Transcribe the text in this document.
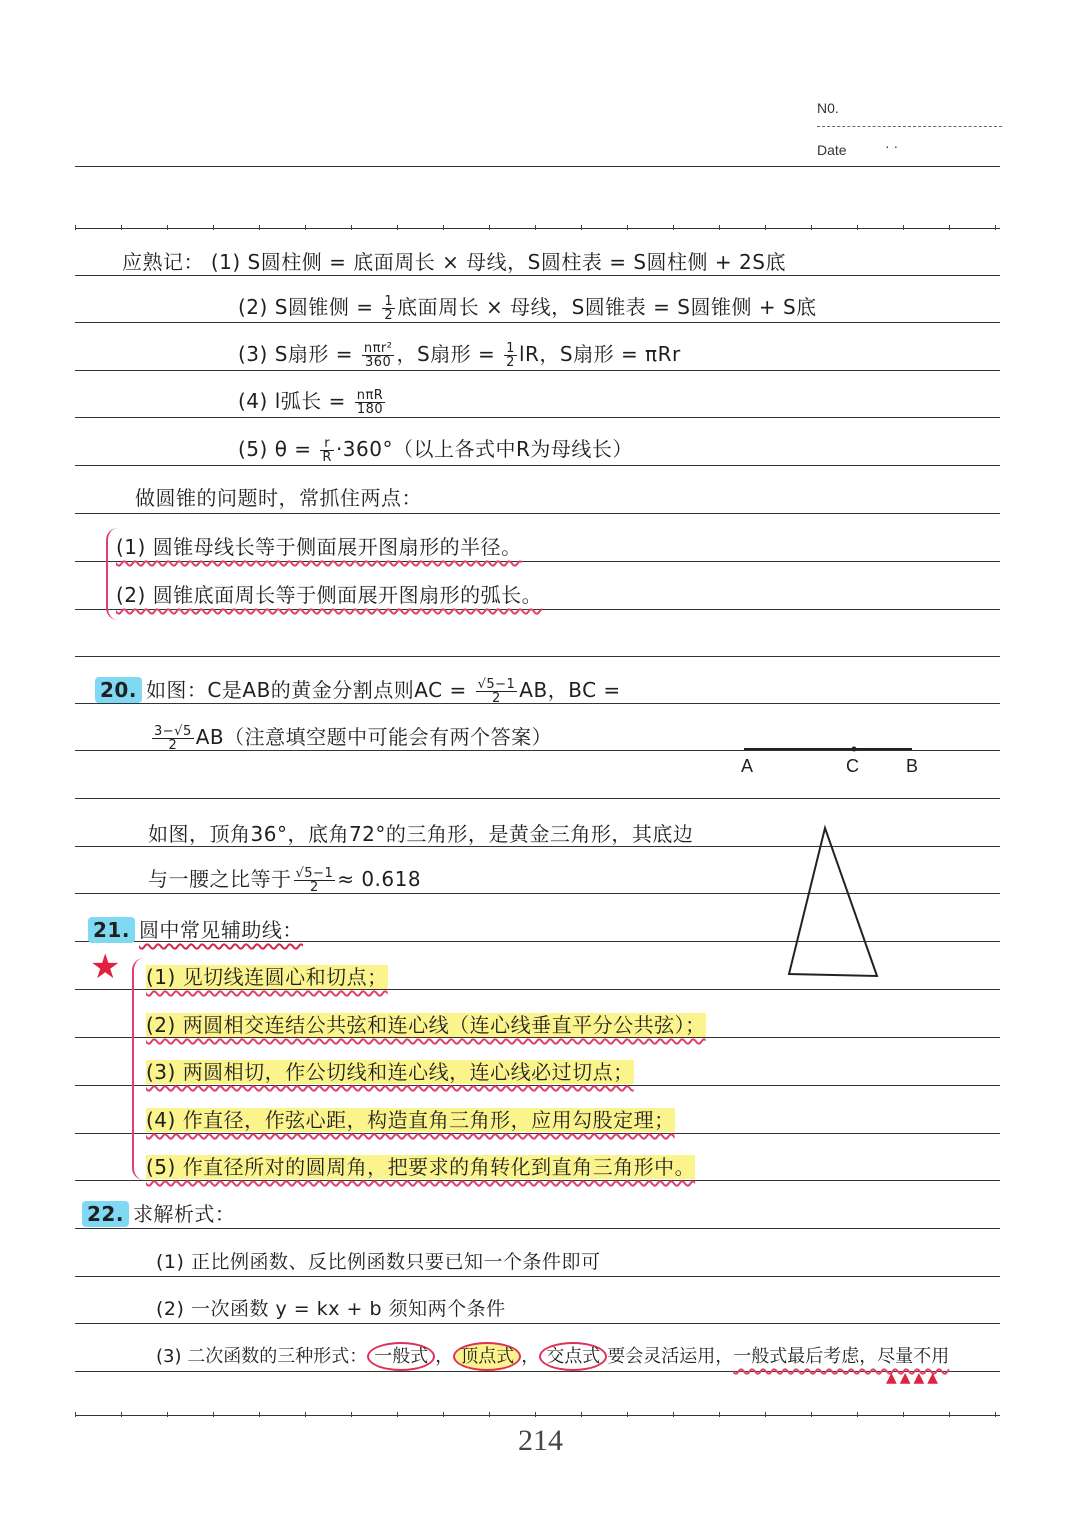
N0.
Date	· ·
应熟记： (1) S圆柱侧 = 底面周长 × 母线，S圆柱表 = S圆柱侧 + 2S底
(2) S圆锥侧 = $\frac{1}{2}$ 底面周长 × 母线，S圆锥表 = S圆锥侧 + S底
(3) S扇形 = $\frac{\text{nπr²}}{360}$ ，S扇形 = $\frac{1}{2}$ lR，S扇形 = πRr
(4) l弧长 = $\frac{\text{nπR}}{180}$
(5) $\theta = \frac{r}{R} \cdot 360^\circ$（以上各式中R为母线长）
做圆锥的问题时，常抓住两点：
(1) 圆锥母线长等于侧面展开图扇形的半径。
(2) 圆锥底面周长等于侧面展开图扇形的弧长。
20. 如图：C是AB的黄金分割点则AC = $\frac{√5-1}{2}$ AB，BC =
$\frac{3-√5}{2} AB$（注意填空题中可能会有两个答案）
A	C	B
如图，顶角36°，底角72°的三角形，是黄金三角形，其底边
与一腰之比等于 $\frac{√5-1}{2} \approx 0.618$
21. 圆中常见辅助线：
★ (1) 见切线连圆心和切点；
(2) 两圆相交连结公共弦和连心线（连心线垂直平分公共弦）；
(3) 两圆相切，作公切线和连心线，连心线必过切点；
(4) 作直径，作弦心距，构造直角三角形，应用勾股定理；
(5) 作直径所对的圆周角，把要求的角转化到直角三角形中。
22. 求解析式：
(1) 正比例函数、反比例函数只要已知一个条件即可
(2) 一次函数 y = kx + b 须知两个条件
(3) 二次函数的三种形式： 一般式 ， 顶点式 ， 交点式 要会灵活运用，一般式最后考虑，尽量不用
▲▲▲▲
214
